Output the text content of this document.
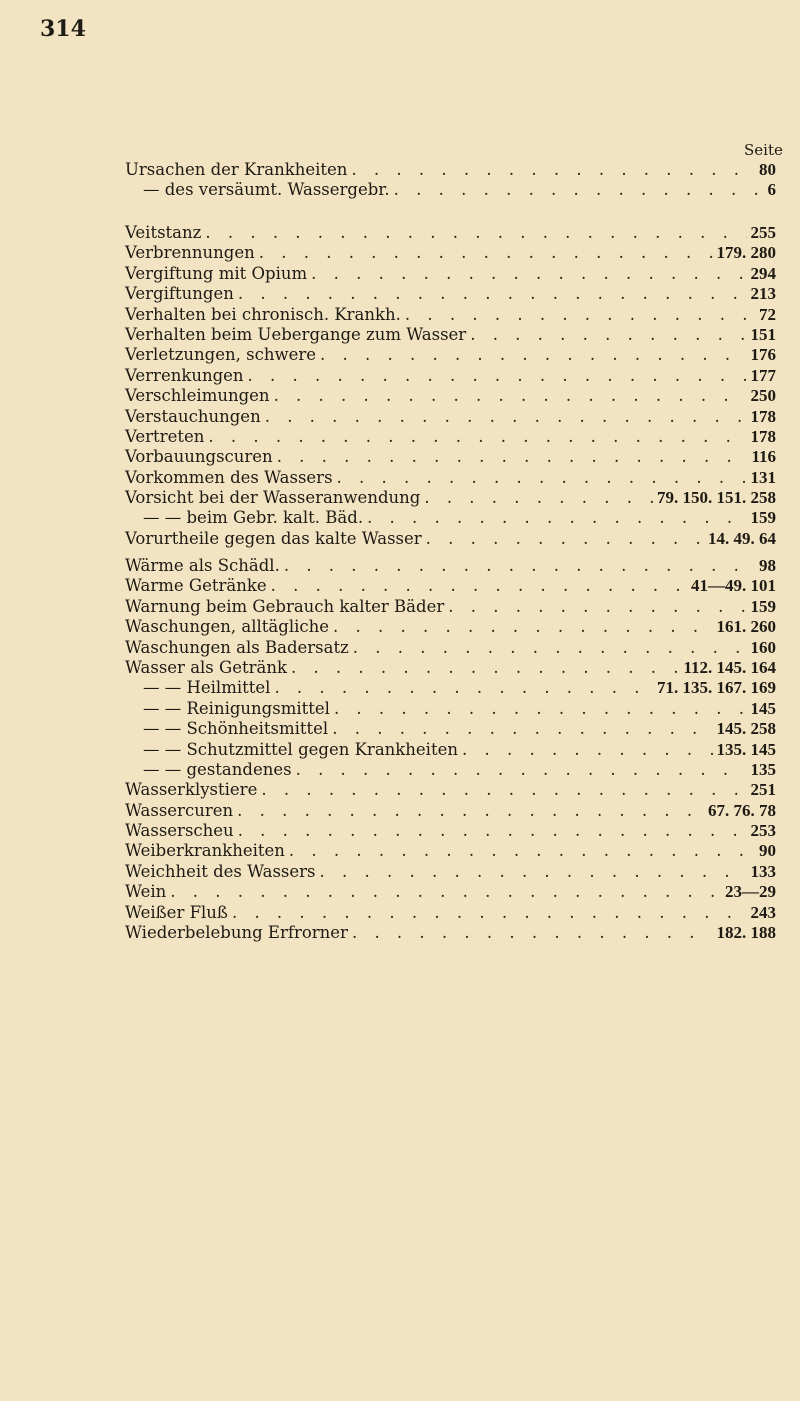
314
Seite
Ursachen der Krankheiten . . .	80
— des versäumt. Wassergebr. . . .	6
Veitstanz . . .	255
Verbrennungen . . .	179. 280
Vergiftung mit Opium . . .	294
Vergiftungen . . .	213
Verhalten bei chronisch. Krankh. . . .	72
Verhalten beim Uebergange zum Wasser . . .	151
Verletzungen, schwere . . .	176
Verrenkungen . . .	177
Verschleimungen . . .	250
Verstauchungen . . .	178
Vertreten . . .	178
Vorbauungscuren . . .	116
Vorkommen des Wassers . . .	131
Vorsicht bei der Wasseranwendung . . .	79. 150. 151. 258
— — beim Gebr. kalt. Bäd. . . .	159
Vorurtheile gegen das kalte Wasser . . .	14. 49. 64
Wärme als Schädl. . . .	98
Warme Getränke . . .	41—49. 101
Warnung beim Gebrauch kalter Bäder . . .	159
Waschungen, alltägliche . . .	161. 260
Waschungen als Badersatz . . .	160
Wasser als Getränk . . .	112. 145. 164
— — Heilmittel . . .	71. 135. 167. 169
— — Reinigungsmittel . . .	145
— — Schönheitsmittel . . .	145. 258
— — Schutzmittel gegen Krankheiten . . .	135. 145
— — gestandenes . . .	135
Wasserklystiere . . .	251
Wassercuren . . .	67. 76. 78
Wasserscheu . . .	253
Weiberkrankheiten . . .	90
Weichheit des Wassers . . .	133
Wein . . .	23—29
Weißer Fluß . . .	243
Wiederbelebung Erfrorner . . .	182. 188
